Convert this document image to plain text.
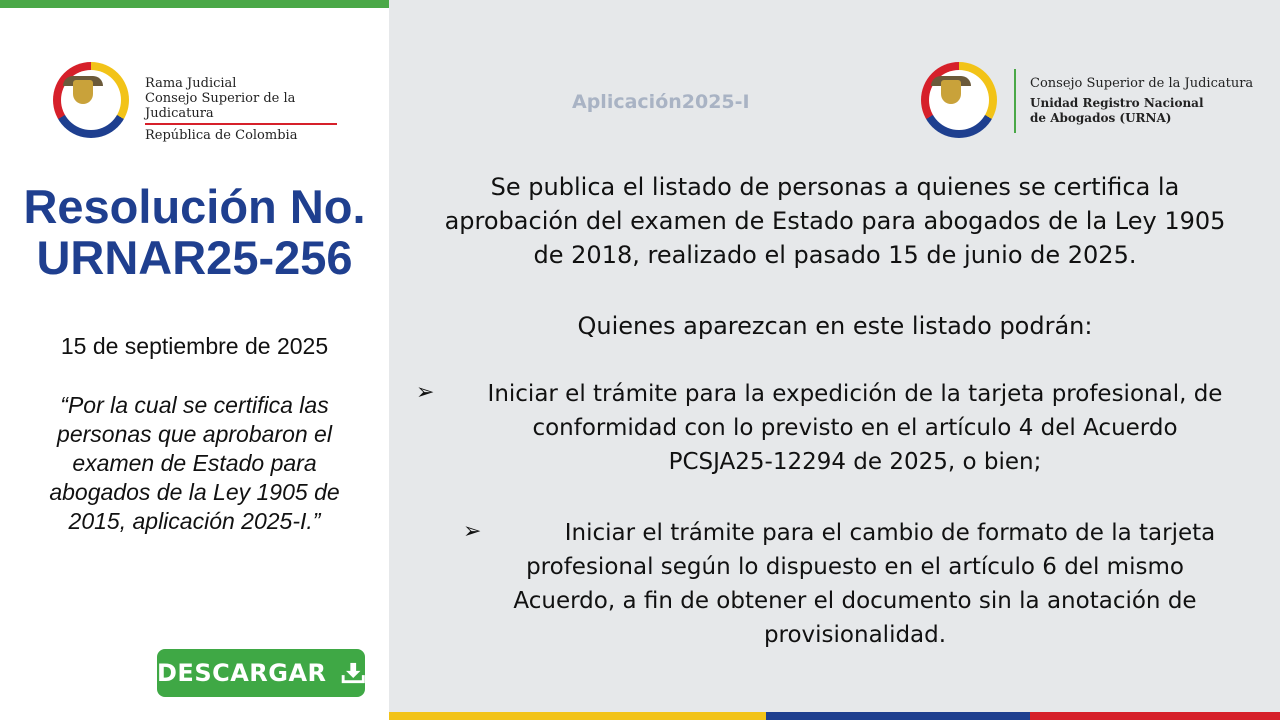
Rama Judicial
Consejo Superior de la Judicatura
República de Colombia
Resolución No.
URNAR25-256
15 de septiembre de 2025
“Por la cual se certifica las
personas que aprobaron el
examen de Estado para
abogados de la Ley 1905 de
2015, aplicación 2025-I.”
DESCARGAR
Aplicación2025-I
Consejo Superior de la Judicatura
Unidad Registro Nacional
de Abogados (URNA)
Se publica el listado de personas a quienes se certifica la
aprobación del examen de Estado para abogados de la Ley 1905
de 2018, realizado el pasado 15 de junio de 2025.
Quienes aparezcan en este listado podrán:
➢	Iniciar el trámite para la expedición de la tarjeta profesional, de
conformidad con lo previsto en el artículo 4 del Acuerdo
PCSJA25-12294 de 2025, o bien;
➢	Iniciar el trámite para el cambio de formato de la tarjeta
profesional según lo dispuesto en el artículo 6 del mismo
Acuerdo, a fin de obtener el documento sin la anotación de
provisionalidad.
